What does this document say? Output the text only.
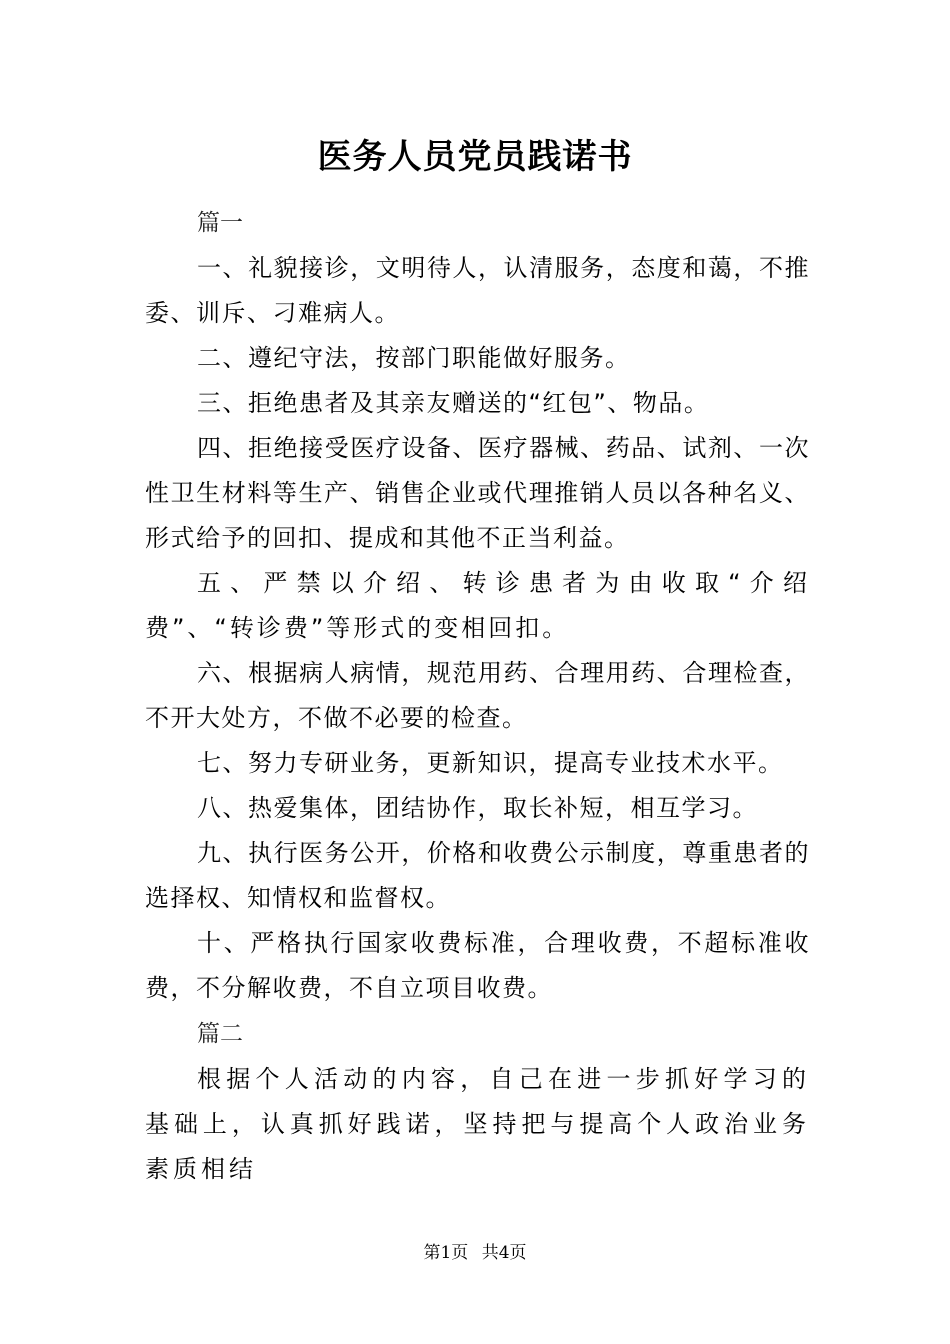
医务人员党员践诺书
篇一

一、礼貌接诊，文明待人，认清服务，态度和蔼，不推委、训斥、刁难病人。

二、遵纪守法，按部门职能做好服务。

三、拒绝患者及其亲友赠送的“红包”、物品。

四、拒绝接受医疗设备、医疗器械、药品、试剂、一次性卫生材料等生产、销售企业或代理推销人员以各种名义、形式给予的回扣、提成和其他不正当利益。

五、严禁以介绍、转诊患者为由收取“介绍费”、“转诊费”等形式的变相回扣。

六、根据病人病情，规范用药、合理用药、合理检查，不开大处方，不做不必要的检查。

七、努力专研业务，更新知识，提高专业技术水平。

八、热爱集体，团结协作，取长补短，相互学习。

九、执行医务公开，价格和收费公示制度，尊重患者的选择权、知情权和监督权。

十、严格执行国家收费标准，合理收费，不超标准收费，不分解收费，不自立项目收费。

篇二

根据个人活动的内容，自己在进一步抓好学习的基础上，认真抓好践诺，坚持把与提高个人政治业务素质相结

第1页 共4页
